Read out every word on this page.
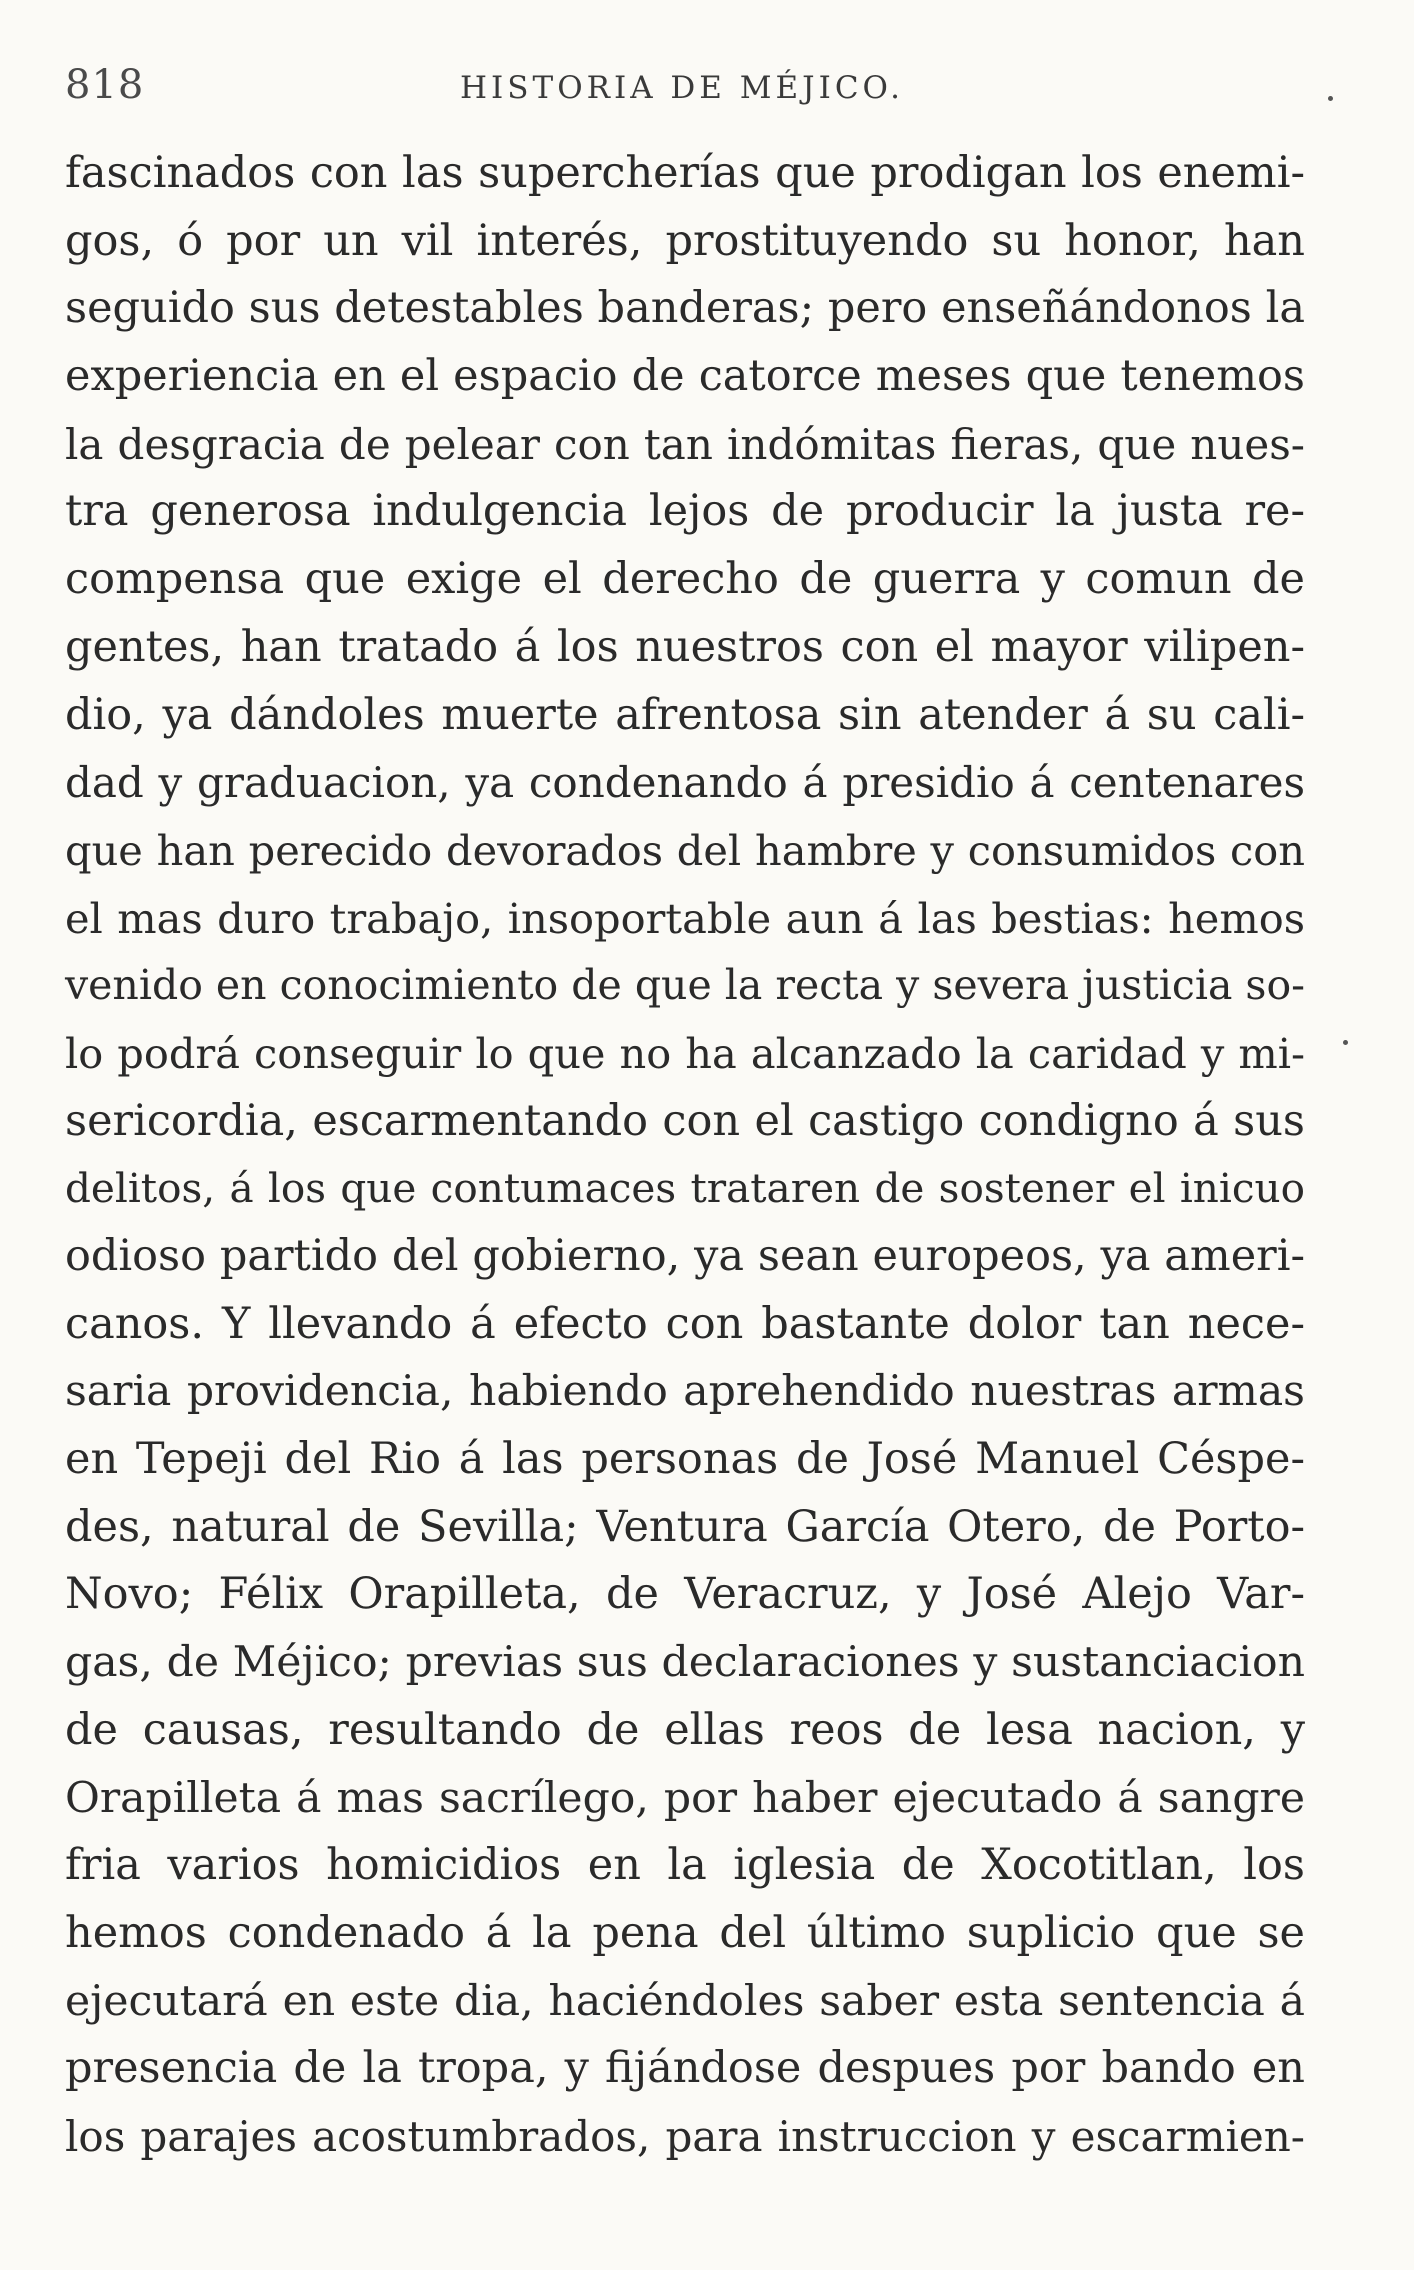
818	HISTORIA DE MÉJICO.
fascinados con las supercherías que prodigan los enemi-
gos, ó por un vil interés, prostituyendo su honor, han
seguido sus detestables banderas; pero enseñándonos la
experiencia en el espacio de catorce meses que tenemos
la desgracia de pelear con tan indómitas fieras, que nues-
tra generosa indulgencia lejos de producir la justa re-
compensa que exige el derecho de guerra y comun de
gentes, han tratado á los nuestros con el mayor vilipen-
dio, ya dándoles muerte afrentosa sin atender á su cali-
dad y graduacion, ya condenando á presidio á centenares
que han perecido devorados del hambre y consumidos con
el mas duro trabajo, insoportable aun á las bestias: hemos
venido en conocimiento de que la recta y severa justicia so-
lo podrá conseguir lo que no ha alcanzado la caridad y mi-
sericordia, escarmentando con el castigo condigno á sus
delitos, á los que contumaces trataren de sostener el inicuo
odioso partido del gobierno, ya sean europeos, ya ameri-
canos. Y llevando á efecto con bastante dolor tan nece-
saria providencia, habiendo aprehendido nuestras armas
en Tepeji del Rio á las personas de José Manuel Céspe-
des, natural de Sevilla; Ventura García Otero, de Porto-
Novo; Félix Orapilleta, de Veracruz, y José Alejo Var-
gas, de Méjico; previas sus declaraciones y sustanciacion
de causas, resultando de ellas reos de lesa nacion, y
Orapilleta á mas sacrílego, por haber ejecutado á sangre
fria varios homicidios en la iglesia de Xocotitlan, los
hemos condenado á la pena del último suplicio que se
ejecutará en este dia, haciéndoles saber esta sentencia á
presencia de la tropa, y fijándose despues por bando en
los parajes acostumbrados, para instruccion y escarmien-
